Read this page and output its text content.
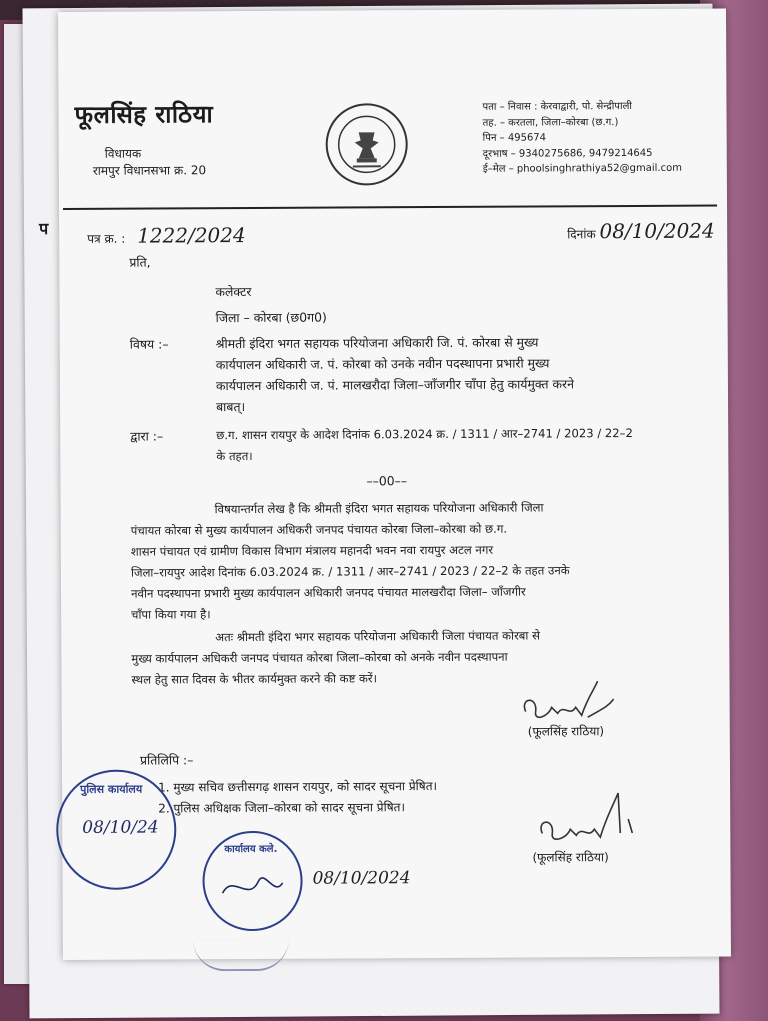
प
फूलसिंह राठिया
विधायक
रामपुर विधानसभा क्र. 20
पता – निवास : केरवाद्वारी, पो. सेन्द्रीपाली
तह. – करतला, जिला–कोरबा (छ.ग.)
पिन – 495674
दूरभाष – 9340275686, 9479214645
ई–मेल – phoolsinghrathiya52@gmail.com
पत्र क्र. : 1222/2024	दिनांक 08/10/2024
प्रति,
कलेक्टर
जिला – कोरबा (छ0ग0)
विषय :–	श्रीमती इंदिरा भगत सहायक परियोजना अधिकारी जि. पं. कोरबा से मुख्य
कार्यपालन अधिकारी ज. पं. कोरबा को उनके नवीन पदस्थापना प्रभारी मुख्य
कार्यपालन अधिकारी ज. पं. मालखरौदा जिला–जाँजगीर चाँपा हेतु कार्यमुक्त करने
बाबत्।
द्वारा :–	छ.ग. शासन रायपुर के आदेश दिनांक 6.03.2024 क्र. / 1311 / आर–2741 / 2023 / 22–2
के तहत।
––00––
विषयान्तर्गत लेख है कि श्रीमती इंदिरा भगत सहायक परियोजना अधिकारी जिला
पंचायत कोरबा से मुख्य कार्यपालन अधिकरी जनपद पंचायत कोरबा जिला–कोरबा को छ.ग.
शासन पंचायत एवं ग्रामीण विकास विभाग मंत्रालय महानदी भवन नवा रायपुर अटल नगर
जिला–रायपुर आदेश दिनांक 6.03.2024 क्र. / 1311 / आर–2741 / 2023 / 22–2 के तहत उनके
नवीन पदस्थापना प्रभारी मुख्य कार्यपालन अधिकारी जनपद पंचायत मालखरौदा जिला– जाँजगीर
चाँपा किया गया है।
अतः श्रीमती इंदिरा भगर सहायक परियोजना अधिकारी जिला पंचायत कोरबा से
मुख्य कार्यपालन अधिकरी जनपद पंचायत कोरबा जिला–कोरबा को अनके नवीन पदस्थापना
स्थल हेतु सात दिवस के भीतर कार्यमुक्त करने की कष्ट करें।
(फूलसिंह राठिया)
प्रतिलिपि :–
1. मुख्य सचिव छत्तीसगढ़ शासन रायपुर, को सादर सूचना प्रेषित।
2. पुलिस अधिक्षक जिला–कोरबा को सादर सूचना प्रेषित।
(फूलसिंह राठिया)
पुलिस कार्यालय
08/10/24
कार्यालय कले.
08/10/2024
